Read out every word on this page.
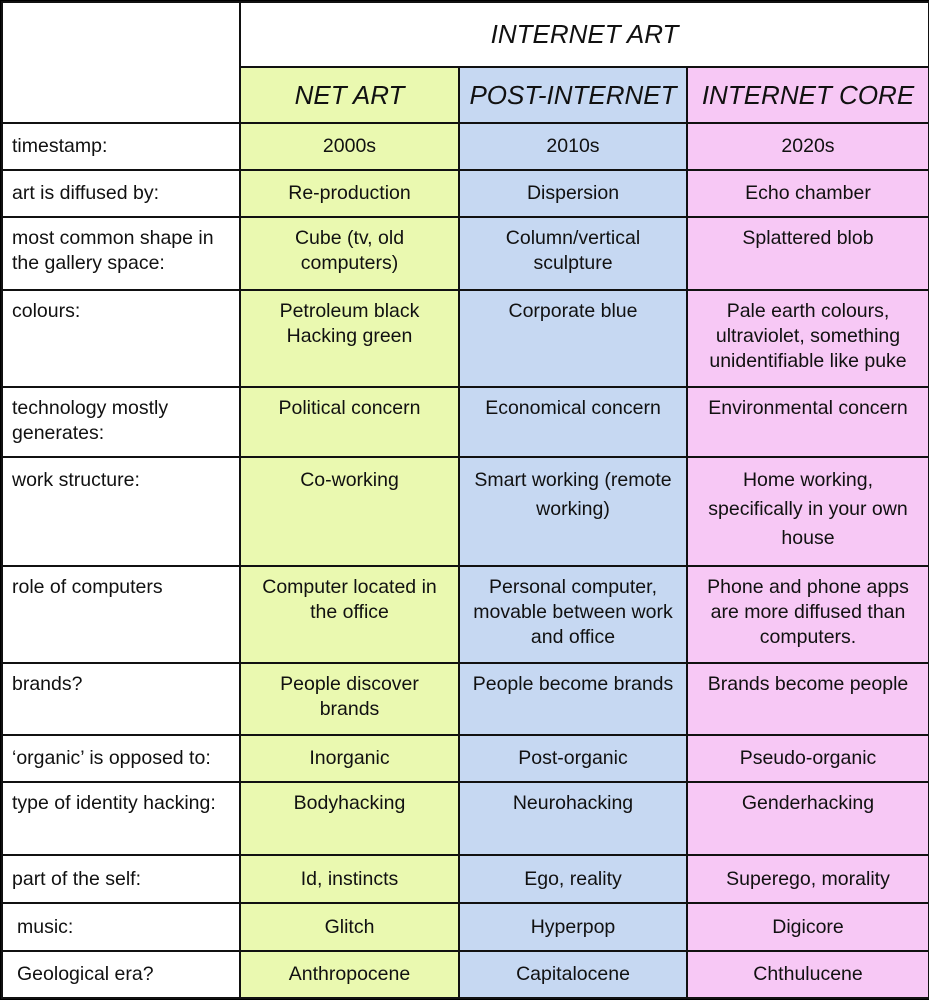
	INTERNET ART		
	NET ART	POST-INTERNET	INTERNET CORE
timestamp:	2000s	2010s	2020s
art is diffused by:	Re-production	Dispersion	Echo chamber
most common shape in the gallery space:	Cube (tv, old computers)	Column/vertical sculpture	Splattered blob
colours:	Petroleum black Hacking green	Corporate blue	Pale earth colours, ultraviolet, something unidentifiable like puke
technology mostly generates:	Political concern	Economical concern	Environmental concern
work structure:	Co-working	Smart working (remote working)	Home working, specifically in your own house
role of computers	Computer located in the office	Personal computer, movable between work and office	Phone and phone apps are more diffused than computers.
brands?	People discover brands	People become brands	Brands become people
‘organic’ is opposed to:	Inorganic	Post-organic	Pseudo-organic
type of identity hacking:	Bodyhacking	Neurohacking	Genderhacking
part of the self:	Id, instincts	Ego, reality	Superego, morality
music:	Glitch	Hyperpop	Digicore
Geological era?	Anthropocene	Capitalocene	Chthulucene
